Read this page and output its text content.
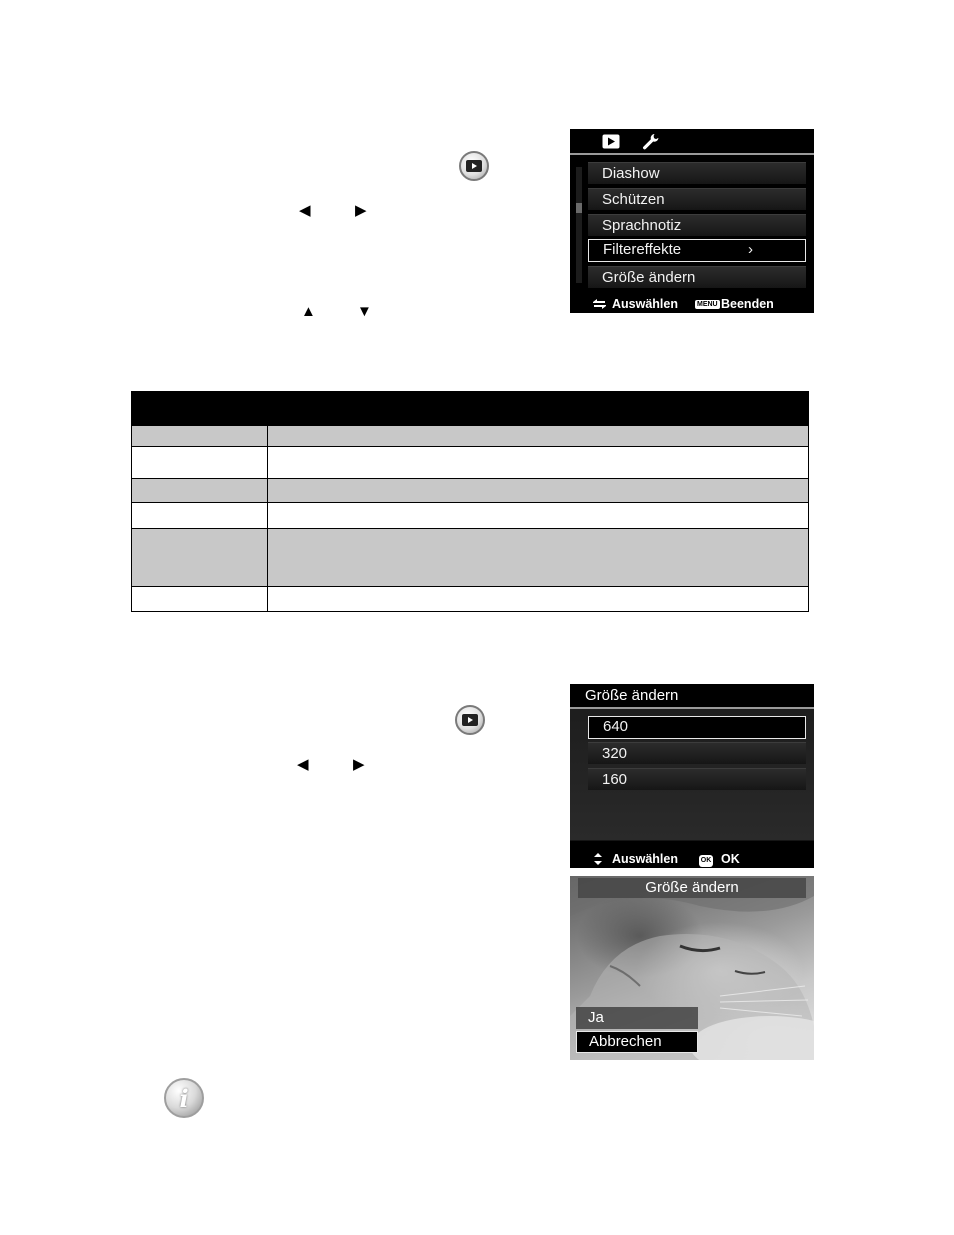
◀	▶
▲	▼
Diashow
Schützen
Sprachnotiz
Filtereffekte	›
Größe ändern
Auswählen	MENU Beenden
◀	▶
Größe ändern
640
320
160
Auswählen	OK OK
Größe ändern
Ja
Abbrechen
i
